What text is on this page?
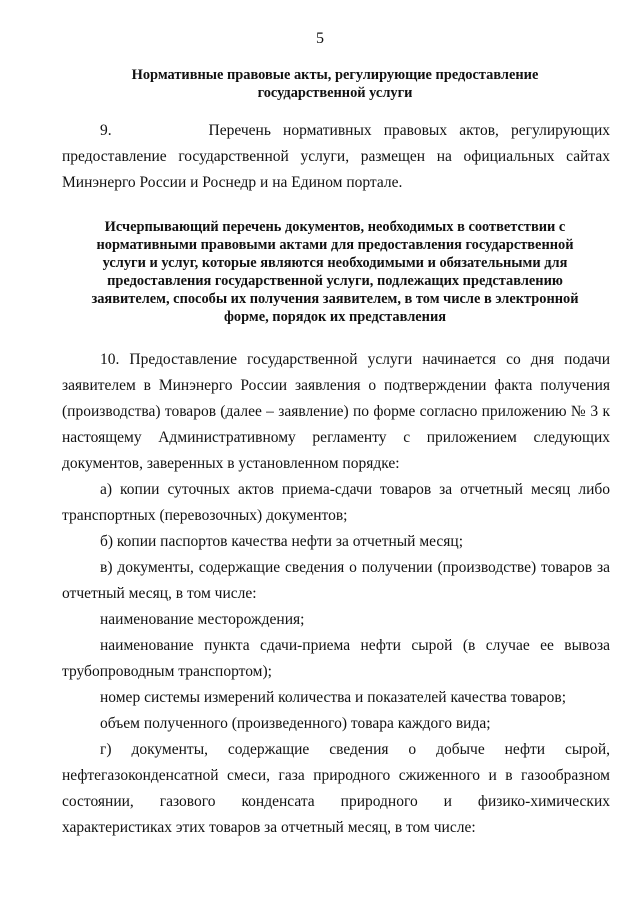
5
Нормативные правовые акты, регулирующие предоставление
государственной услуги
9.        Перечень нормативных правовых актов, регулирующих предоставление государственной услуги, размещен на официальных сайтах Минэнерго России и Роснедр и на Едином портале.
Исчерпывающий перечень документов, необходимых в соответствии с
нормативными правовыми актами для предоставления государственной
услуги и услуг, которые являются необходимыми и обязательными для
предоставления государственной услуги, подлежащих представлению
заявителем, способы их получения заявителем, в том числе в электронной
форме, порядок их представления
10. Предоставление государственной услуги начинается со дня подачи заявителем в Минэнерго России заявления о подтверждении факта получения (производства) товаров (далее – заявление) по форме согласно приложению № 3 к настоящему Административному регламенту с приложением следующих документов, заверенных в установленном порядке:
а) копии суточных актов приема-сдачи товаров за отчетный месяц либо транспортных (перевозочных) документов;
б) копии паспортов качества нефти за отчетный месяц;
в) документы, содержащие сведения о получении (производстве) товаров за отчетный месяц, в том числе:
наименование месторождения;
наименование пункта сдачи-приема нефти сырой (в случае ее вывоза трубопроводным транспортом);
номер системы измерений количества и показателей качества товаров;
объем полученного (произведенного) товара каждого вида;
г) документы, содержащие сведения о добыче нефти сырой, нефтегазоконденсатной смеси, газа природного сжиженного и в газообразном состоянии, газового конденсата природного и физико-химических характеристиках этих товаров за отчетный месяц, в том числе:
